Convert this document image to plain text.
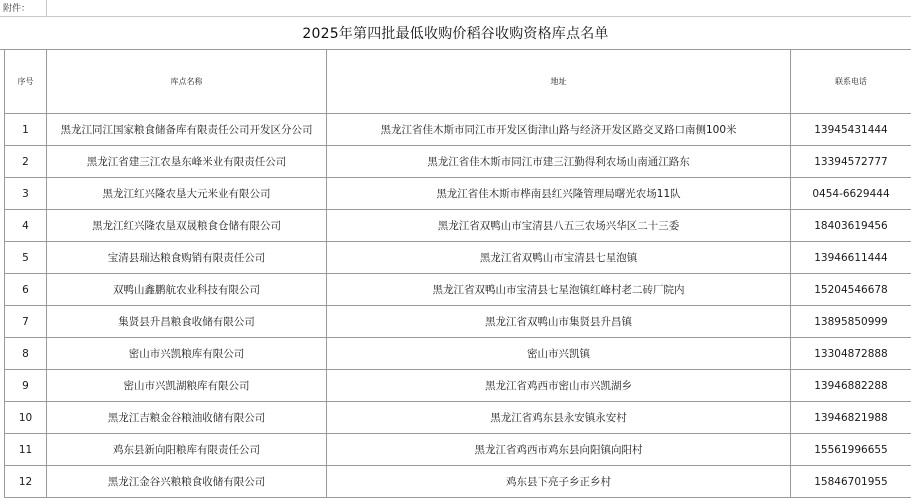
附件：
2025年第四批最低收购价稻谷收购资格库点名单
序号	库点名称	地址	联系电话
1	黑龙江同江国家粮食储备库有限责任公司开发区分公司	黑龙江省佳木斯市同江市开发区街津山路与经济开发区路交叉路口南侧100米	13945431444
2	黑龙江省建三江农垦东峰米业有限责任公司	黑龙江省佳木斯市同江市建三江勤得利农场山南通江路东	13394572777
3	黑龙江红兴隆农垦大元米业有限公司	黑龙江省佳木斯市桦南县红兴隆管理局曙光农场11队	0454-6629444
4	黑龙江红兴隆农垦双晟粮食仓储有限公司	黑龙江省双鸭山市宝清县八五三农场兴华区二十三委	18403619456
5	宝清县瑞达粮食购销有限责任公司	黑龙江省双鸭山市宝清县七星泡镇	13946611444
6	双鸭山鑫鹏航农业科技有限公司	黑龙江省双鸭山市宝清县七星泡镇红峰村老二砖厂院内	15204546678
7	集贤县升昌粮食收储有限公司	黑龙江省双鸭山市集贤县升昌镇	13895850999
8	密山市兴凯粮库有限公司	密山市兴凯镇	13304872888
9	密山市兴凯湖粮库有限公司	黑龙江省鸡西市密山市兴凯湖乡	13946882288
10	黑龙江吉粮金谷粮油收储有限公司	黑龙江省鸡东县永安镇永安村	13946821988
11	鸡东县新向阳粮库有限责任公司	黑龙江省鸡西市鸡东县向阳镇向阳村	15561996655
12	黑龙江金谷兴粮粮食收储有限公司	鸡东县下亮子乡正乡村	15846701955
